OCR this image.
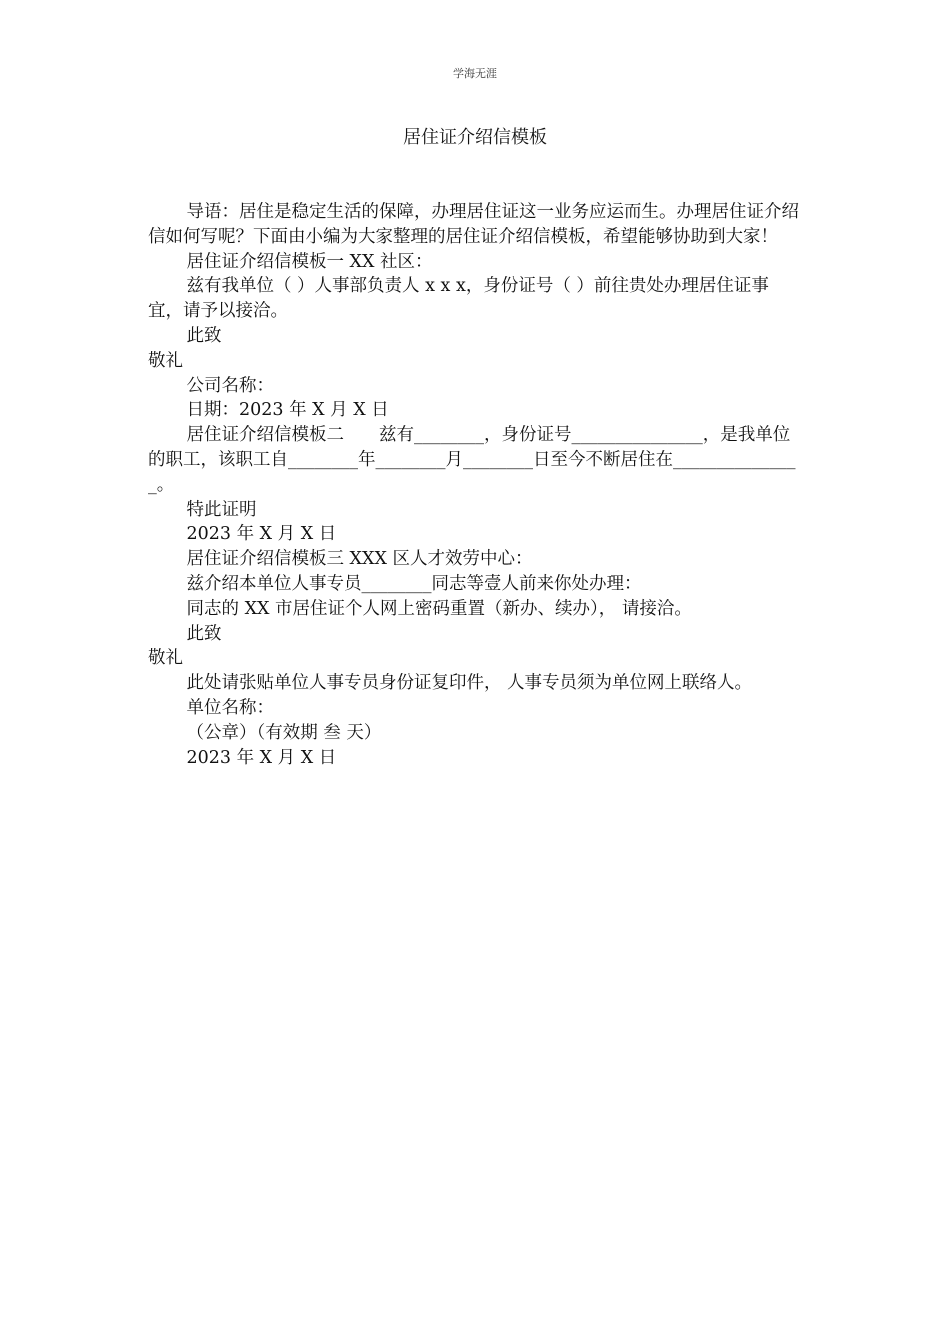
学海无涯
居住证介绍信模板

导语：居住是稳定生活的保障，办理居住证这一业务应运而生。办理居住证介绍信如何写呢？下面由小编为大家整理的居住证介绍信模板，希望能够协助到大家！

居住证介绍信模板一 XX 社区：

兹有我单位（ ）人事部负责人 x x x，身份证号（ ）前往贵处办理居住证事宜，请予以接洽。

此致

敬礼

公司名称：

日期：2023 年 X 月 X 日

居住证介绍信模板二　　兹有________，身份证号_______________，是我单位的职工，该职工自________年________月________日至今不断居住在_______________。

特此证明

2023 年 X 月 X 日

居住证介绍信模板三 XXX 区人才效劳中心：

兹介绍本单位人事专员________同志等壹人前来你处办理：

同志的 XX 市居住证个人网上密码重置（新办、续办）， 请接洽。

此致

敬礼

此处请张贴单位人事专员身份证复印件， 人事专员须为单位网上联络人。

单位名称：

（公章）（有效期 叁 天）

2023 年 X 月 X 日
